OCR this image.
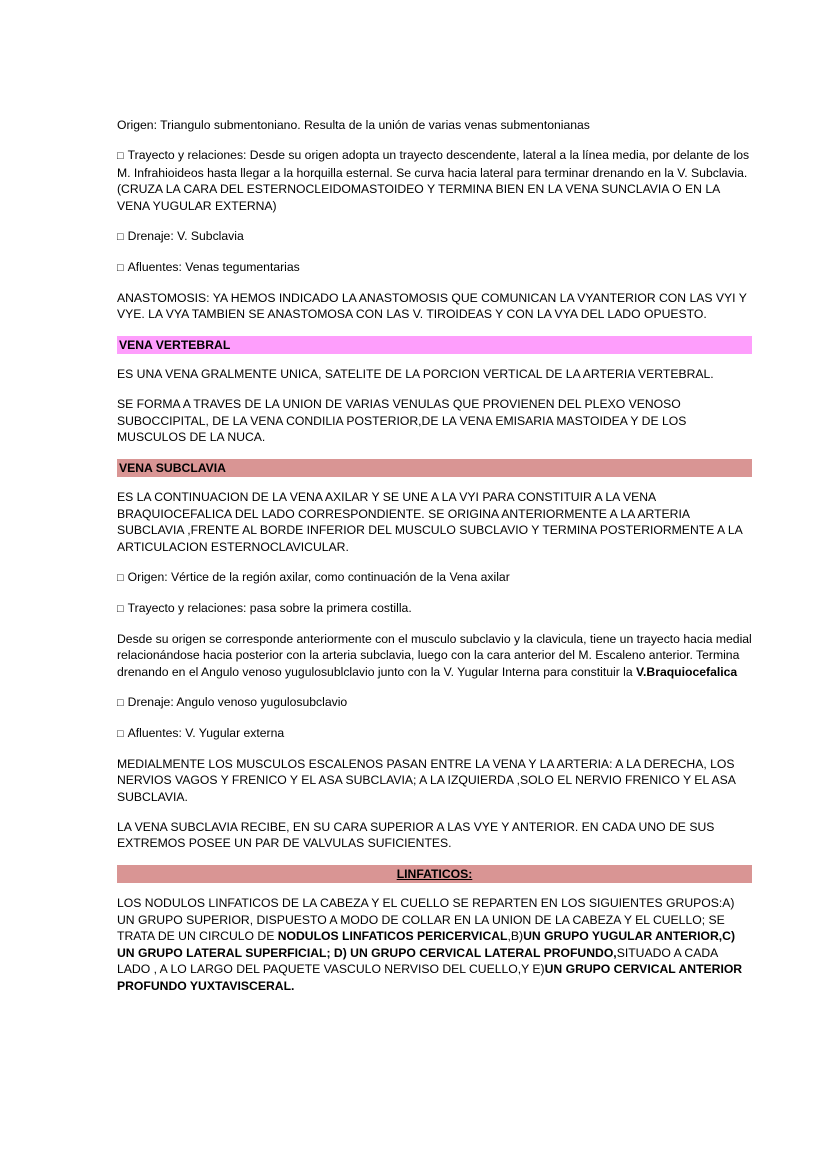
Origen: Triangulo submentoniano. Resulta de la unión de varias venas submentonianas

□ Trayecto y relaciones: Desde su origen adopta un trayecto descendente, lateral a la línea media, por delante de los M. Infrahioideos hasta llegar a la horquilla esternal. Se curva hacia lateral para terminar drenando en la V. Subclavia. (CRUZA LA CARA DEL ESTERNOCLEIDOMASTOIDEO Y TERMINA BIEN EN LA VENA SUNCLAVIA O EN LA VENA YUGULAR EXTERNA)

□ Drenaje: V. Subclavia

□ Afluentes: Venas tegumentarias

ANASTOMOSIS: YA HEMOS INDICADO LA ANASTOMOSIS QUE COMUNICAN LA VYANTERIOR CON LAS VYI Y VYE. LA VYA TAMBIEN SE ANASTOMOSA CON LAS V. TIROIDEAS Y CON LA VYA DEL LADO OPUESTO.

VENA VERTEBRAL

ES UNA VENA GRALMENTE UNICA, SATELITE DE LA PORCION VERTICAL DE LA ARTERIA VERTEBRAL.

SE FORMA A TRAVES DE LA UNION DE VARIAS VENULAS QUE PROVIENEN DEL PLEXO VENOSO SUBOCCIPITAL, DE LA VENA CONDILIA POSTERIOR,DE LA VENA EMISARIA MASTOIDEA Y DE LOS MUSCULOS DE LA NUCA.

VENA SUBCLAVIA

ES LA CONTINUACION DE LA VENA AXILAR Y SE UNE A LA VYI PARA CONSTITUIR A LA VENA BRAQUIOCEFALICA DEL LADO CORRESPONDIENTE. SE ORIGINA ANTERIORMENTE A LA ARTERIA SUBCLAVIA ,FRENTE AL BORDE INFERIOR DEL MUSCULO SUBCLAVIO Y TERMINA POSTERIORMENTE A LA ARTICULACION ESTERNOCLAVICULAR.

□ Origen: Vértice de la región axilar, como continuación de la Vena axilar

□ Trayecto y relaciones: pasa sobre la primera costilla.

Desde su origen se corresponde anteriormente con el musculo subclavio y la clavicula, tiene un trayecto hacia medial relacionándose hacia posterior con la arteria subclavia, luego con la cara anterior del M. Escaleno anterior. Termina drenando en el Angulo venoso yugulosublclavio junto con la V. Yugular Interna para constituir la V.Braquiocefalica

□ Drenaje: Angulo venoso yugulosubclavio

□ Afluentes: V. Yugular externa

MEDIALMENTE LOS MUSCULOS ESCALENOS PASAN ENTRE LA VENA Y LA ARTERIA: A LA DERECHA, LOS NERVIOS VAGOS Y FRENICO Y EL ASA SUBCLAVIA; A LA IZQUIERDA ,SOLO EL NERVIO FRENICO Y EL ASA SUBCLAVIA.

LA VENA SUBCLAVIA RECIBE, EN SU CARA SUPERIOR A LAS VYE Y ANTERIOR. EN CADA UNO DE SUS EXTREMOS POSEE UN PAR DE VALVULAS SUFICIENTES.

LINFATICOS:

LOS NODULOS LINFATICOS DE LA CABEZA Y EL CUELLO SE REPARTEN EN LOS SIGUIENTES GRUPOS:A) UN GRUPO SUPERIOR, DISPUESTO A MODO DE COLLAR EN LA UNION DE LA CABEZA Y EL CUELLO; SE TRATA DE UN CIRCULO DE NODULOS LINFATICOS PERICERVICAL,B)UN GRUPO YUGULAR ANTERIOR,C) UN GRUPO LATERAL SUPERFICIAL; D) UN GRUPO CERVICAL LATERAL PROFUNDO,SITUADO A CADA LADO , A LO LARGO DEL PAQUETE VASCULO NERVISO DEL CUELLO,Y E)UN GRUPO CERVICAL ANTERIOR PROFUNDO YUXTAVISCERAL.
